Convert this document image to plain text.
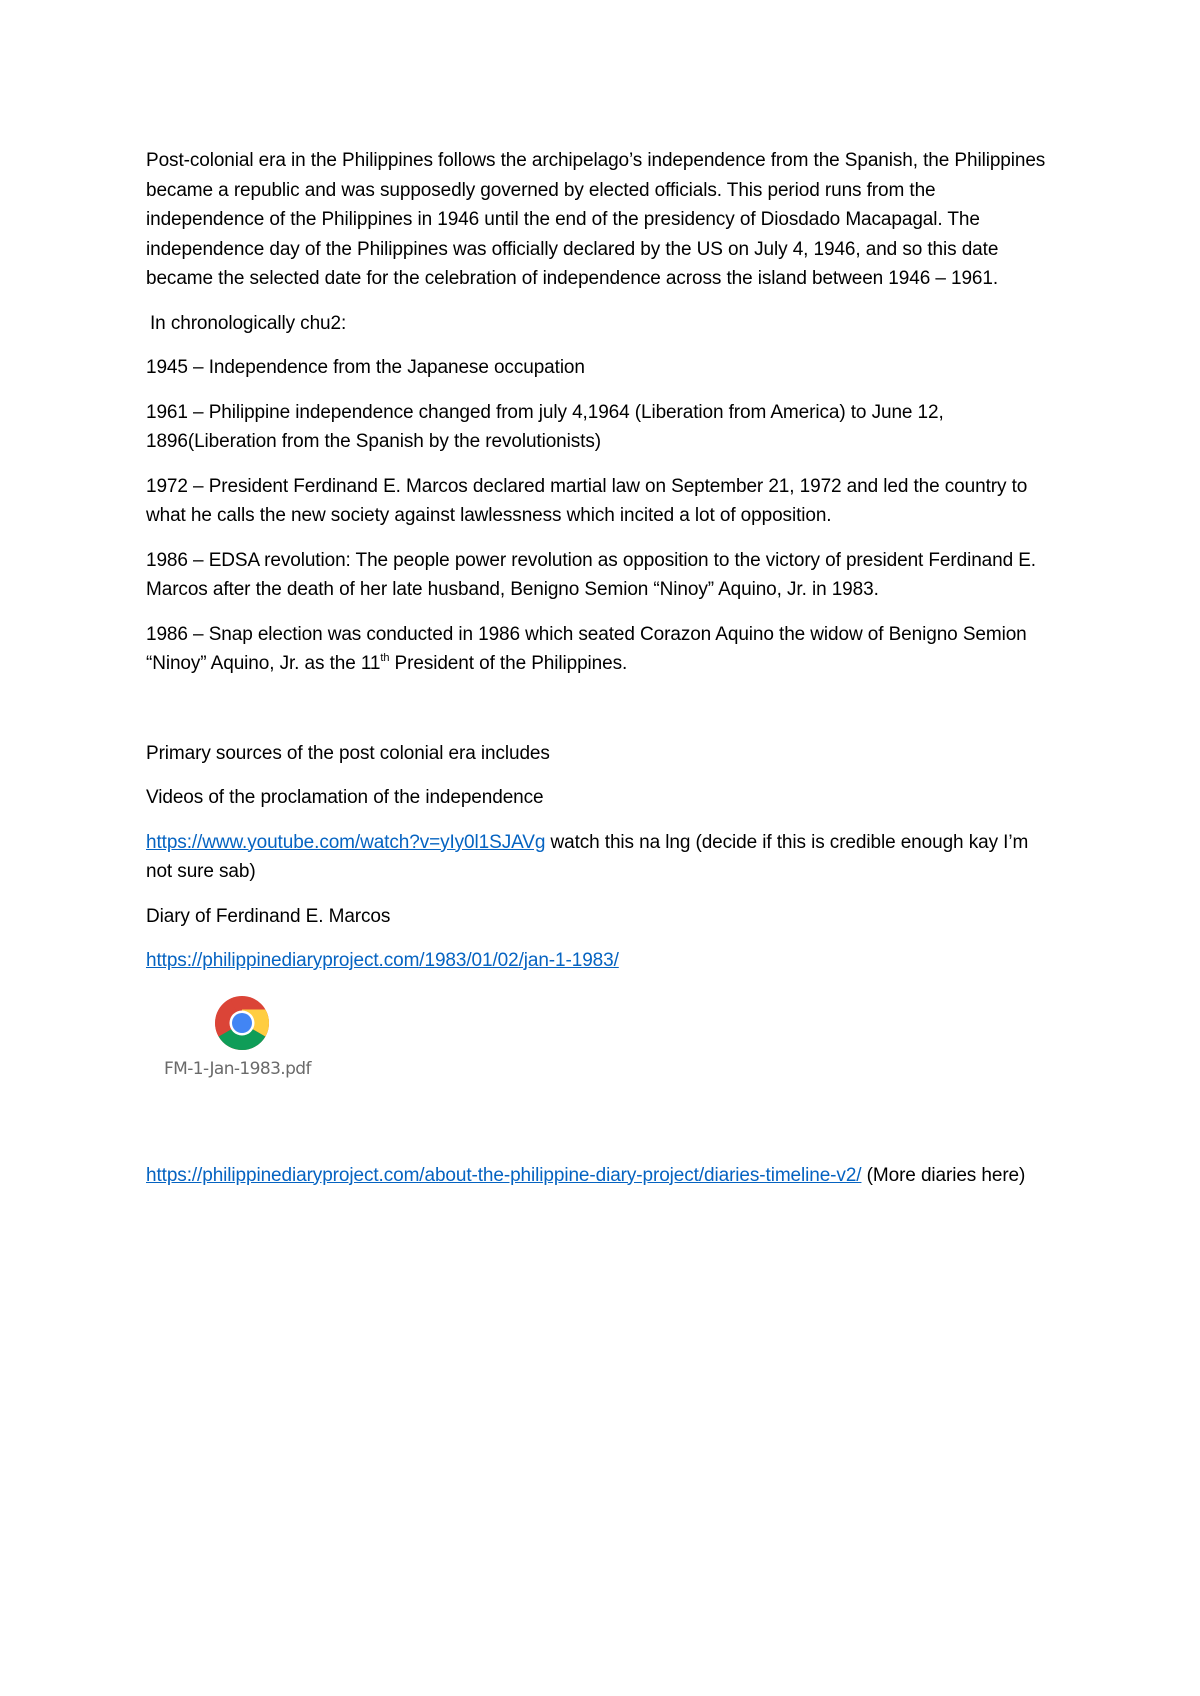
Post-colonial era in the Philippines follows the archipelago’s independence from the Spanish, the Philippines became a republic and was supposedly governed by elected officials. This period runs from the independence of the Philippines in 1946 until the end of the presidency of Diosdado Macapagal. The independence day of the Philippines was officially declared by the US on July 4, 1946, and so this date became the selected date for the celebration of independence across the island between 1946 – 1961.

In chronologically chu2:

1945 – Independence from the Japanese occupation

1961 – Philippine independence changed from july 4,1964 (Liberation from America) to June 12, 1896(Liberation from the Spanish by the revolutionists)

1972 – President Ferdinand E. Marcos declared martial law on September 21, 1972 and led the country to what he calls the new society against lawlessness which incited a lot of opposition.

1986 – EDSA revolution: The people power revolution as opposition to the victory of president Ferdinand E. Marcos after the death of her late husband, Benigno Semion “Ninoy” Aquino, Jr. in 1983.

1986 – Snap election was conducted in 1986 which seated Corazon Aquino the widow of Benigno Semion “Ninoy” Aquino, Jr. as the 11th President of the Philippines.

Primary sources of the post colonial era includes

Videos of the proclamation of the independence

https://www.youtube.com/watch?v=yIy0l1SJAVg watch this na lng (decide if this is credible enough kay I’m not sure sab)

Diary of Ferdinand E. Marcos

https://philippinediaryproject.com/1983/01/02/jan-1-1983/

FM-1-Jan-1983.pdf

https://philippinediaryproject.com/about-the-philippine-diary-project/diaries-timeline-v2/ (More diaries here)
